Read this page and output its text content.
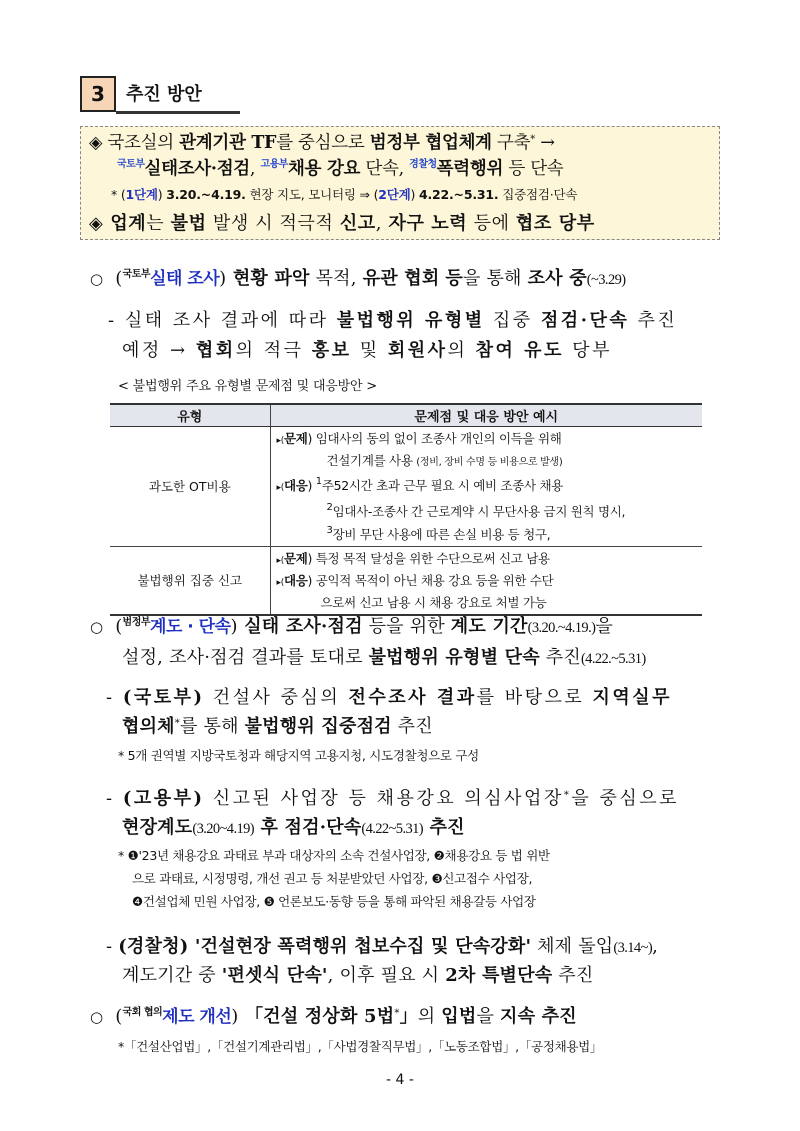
3	추진 방안
◈ 국조실의 관계기관 TF를 중심으로 범정부 협업체계 구축* →
$^{국토부}$실태조사·점검, $^{고용부}$채용 강요 단속, $^{경찰청}$폭력행위 등 단속
* (1단계) 3.20.~4.19. 현장 지도, 모니터링 ⇒ (2단계) 4.22.~5.31. 집중점검·단속
◈ 업계는 불법 발생 시 적극적 신고, 자구 노력 등에 협조 당부
○ ($^{국토부}$실태 조사) 현황 파악 목적, 유관 협회 등을 통해 조사 중(~3.29)
- 실태 조사 결과에 따라 불법행위 유형별 집중 점검·단속 추진
예정 → 협회의 적극 홍보 및 회원사의 참여 유도 당부
< 불법행위 주요 유형별 문제점 및 대응방안 >
유형	문제점 및 대응 방안 예시
과도한 OT비용	▸(문제) 임대사의 동의 없이 조종사 개인의 이득을 위해
건설기계를 사용 (정비, 장비 수명 등 비용으로 발생)
▸(대응) $^1$주52시간 초과 근무 필요 시 예비 조종사 채용
$^2$임대사-조종사 간 근로계약 시 무단사용 금지 원칙 명시,
$^3$장비 무단 사용에 따른 손실 비용 등 청구,

불법행위 집중 신고	▸(문제) 특정 목적 달성을 위한 수단으로써 신고 남용
▸(대응) 공익적 목적이 아닌 채용 강요 등을 위한 수단
으로써 신고 남용 시 채용 강요로 처벌 가능
○ ($^{범정부}$계도 · 단속) 실태 조사·점검 등을 위한 계도 기간(3.20.~4.19.)을
설정, 조사·점검 결과를 토대로 불법행위 유형별 단속 추진(4.22.~5.31)
- (국토부) 건설사 중심의 전수조사 결과를 바탕으로 지역실무
협의체*를 통해 불법행위 집중점검 추진
* 5개 권역별 지방국토청과 해당지역 고용지청, 시도경찰청으로 구성
- (고용부) 신고된 사업장 등 채용강요 의심사업장*을 중심으로
현장계도(3.20~4.19) 후 점검·단속(4.22~5.31) 추진
* ❶'23년 채용강요 과태료 부과 대상자의 소속 건설사업장, ❷채용강요 등 법 위반
으로 과태료, 시정명령, 개선 권고 등 처분받았던 사업장, ❸신고접수 사업장,
❹건설업체 민원 사업장, ❺ 언론보도·동향 등을 통해 파악된 채용갈등 사업장
- (경찰청) '건설현장 폭력행위 첩보수집 및 단속강화' 체제 돌입(3.14~),
계도기간 중 '편셋식 단속', 이후 필요 시 2차 특별단속 추진
○ ($^{국회 협의}$제도 개선) 「건설 정상화 5법*」의 입법을 지속 추진
*「건설산업법」,「건설기계관리법」,「사법경찰직무법」,「노동조합법」,「공정채용법」
- 4 -
